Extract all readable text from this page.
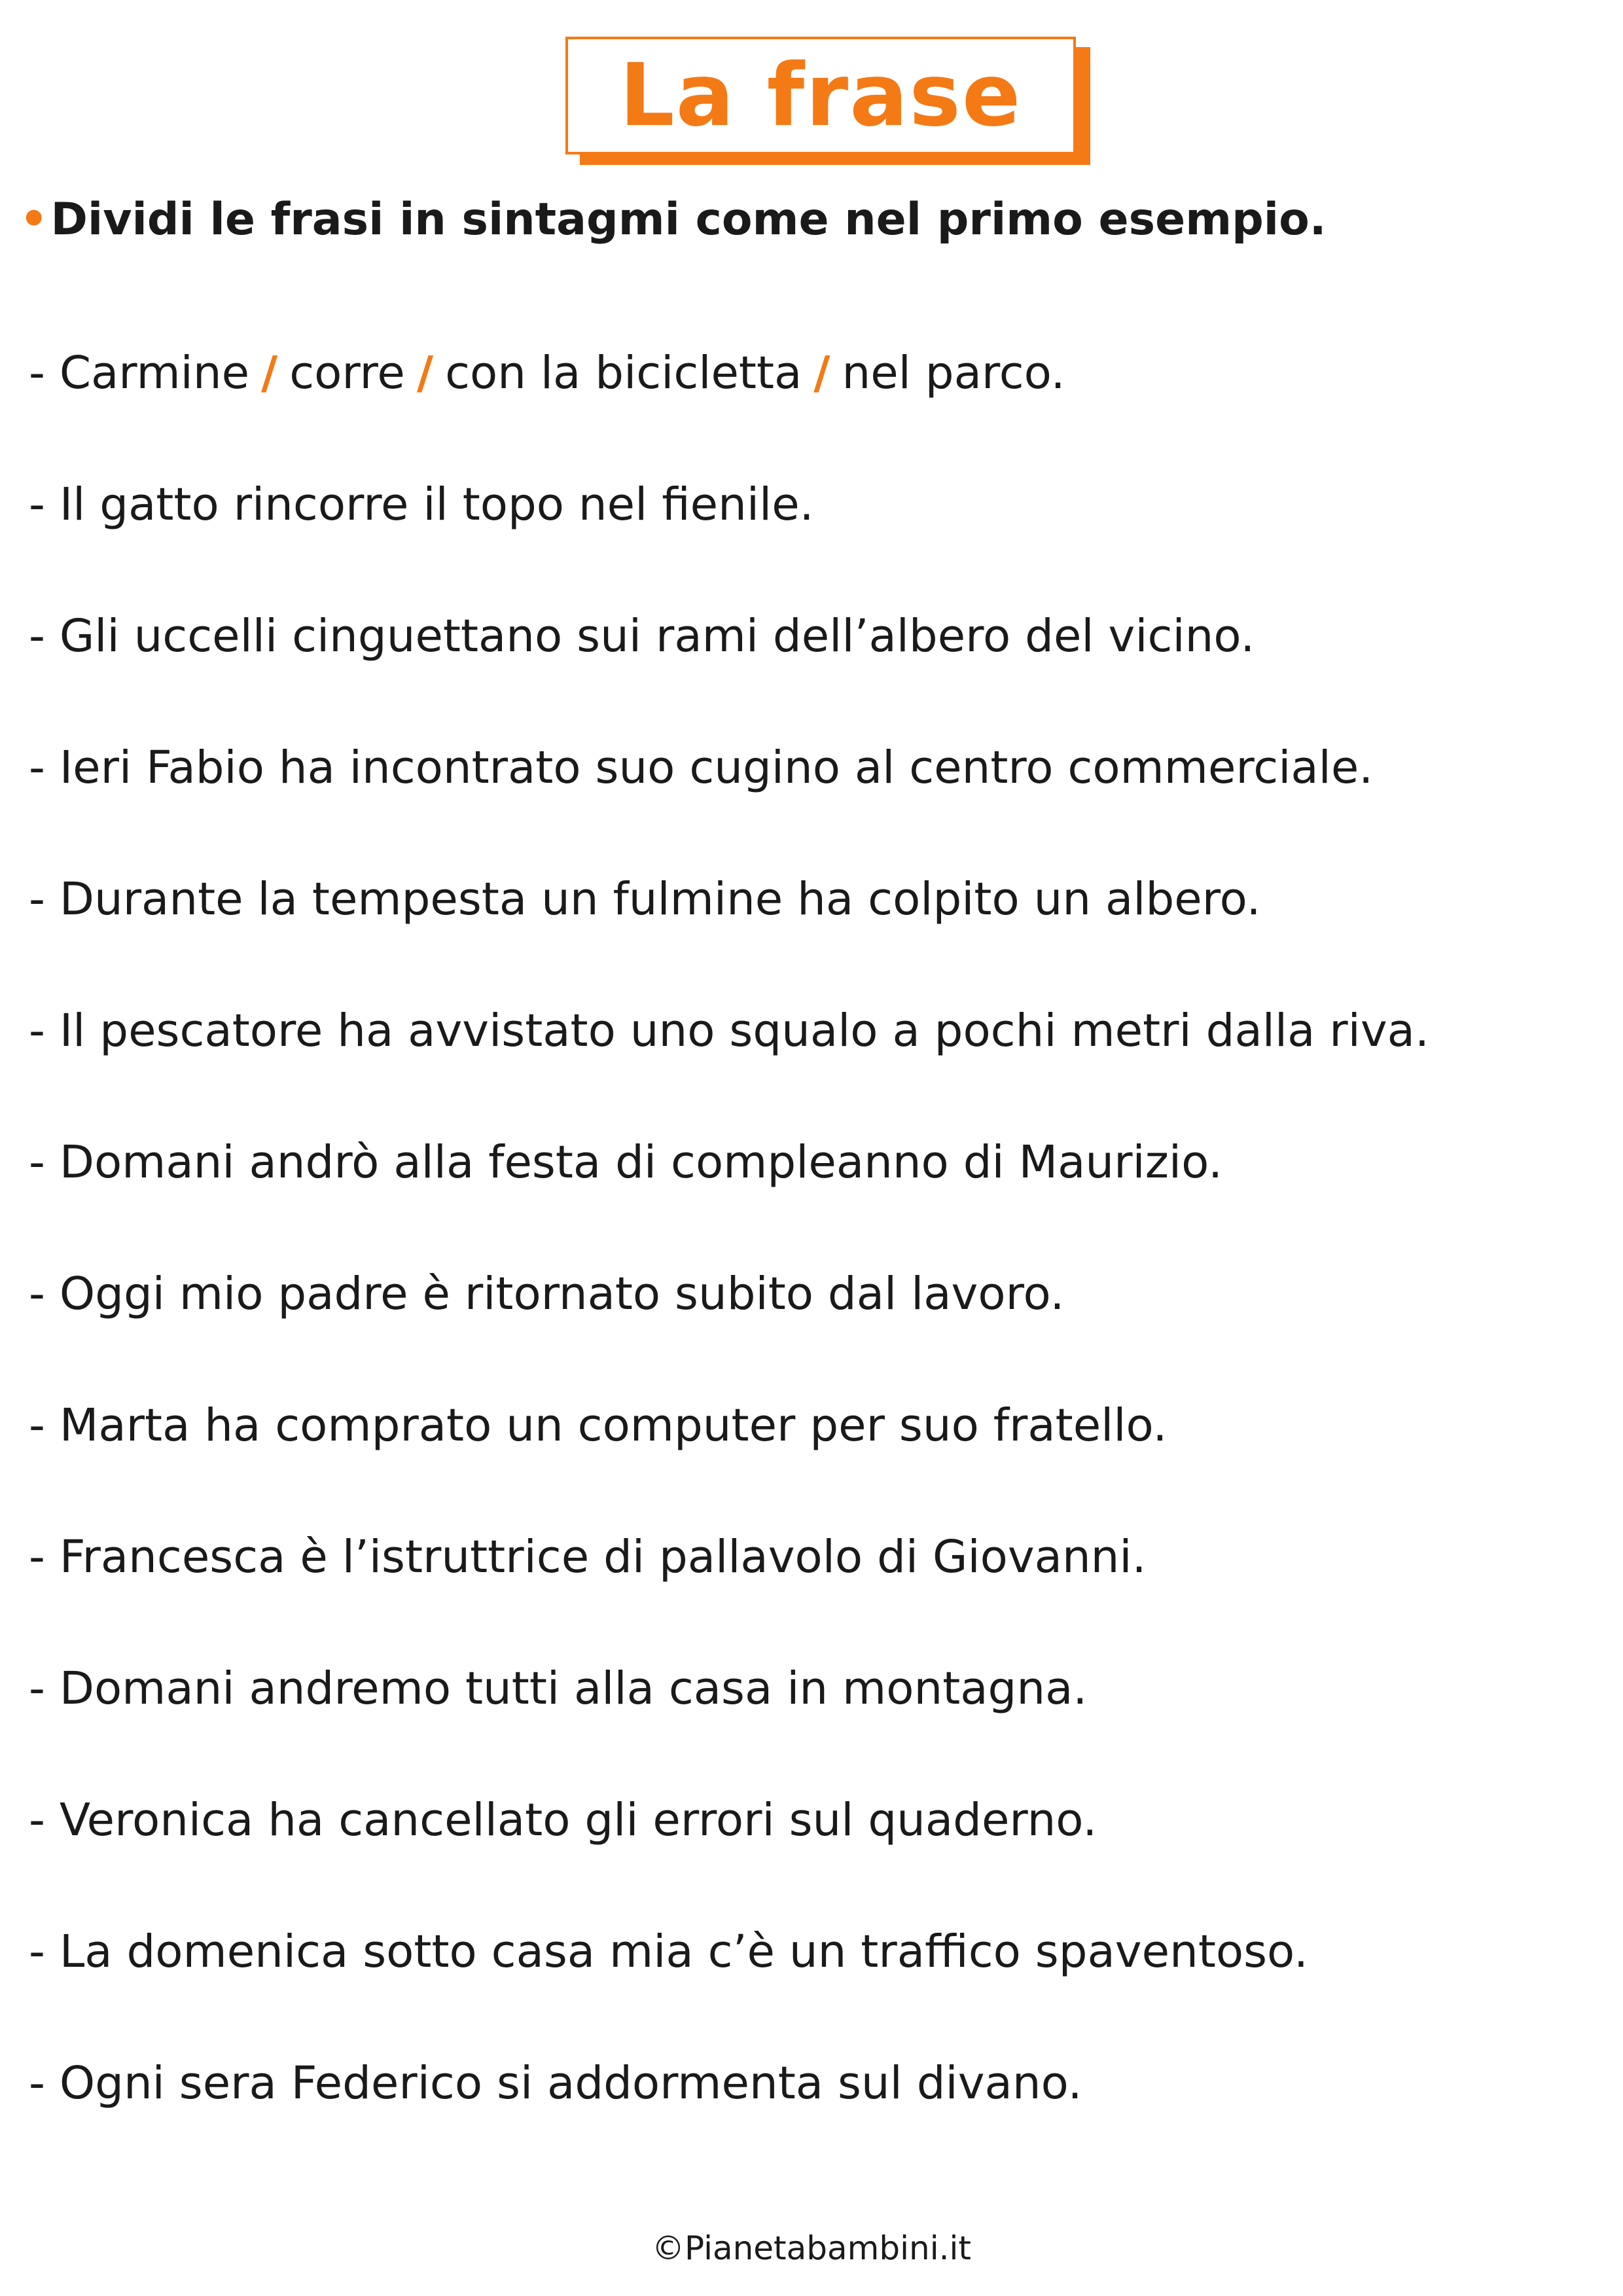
La frase
•Dividi le frasi in sintagmi come nel primo esempio.
- Carmine / corre / con la bicicletta / nel parco.
- Il gatto rincorre il topo nel fienile.
- Gli uccelli cinguettano sui rami dell’albero del vicino.
- Ieri Fabio ha incontrato suo cugino al centro commerciale.
- Durante la tempesta un fulmine ha colpito un albero.
- Il pescatore ha avvistato uno squalo a pochi metri dalla riva.
- Domani andrò alla festa di compleanno di Maurizio.
- Oggi mio padre è ritornato subito dal lavoro.
- Marta ha comprato un computer per suo fratello.
- Francesca è l’istruttrice di pallavolo di Giovanni.
- Domani andremo tutti alla casa in montagna.
- Veronica ha cancellato gli errori sul quaderno.
- La domenica sotto casa mia c’è un traffico spaventoso.
- Ogni sera Federico si addormenta sul divano.
©Pianetabambini.it
